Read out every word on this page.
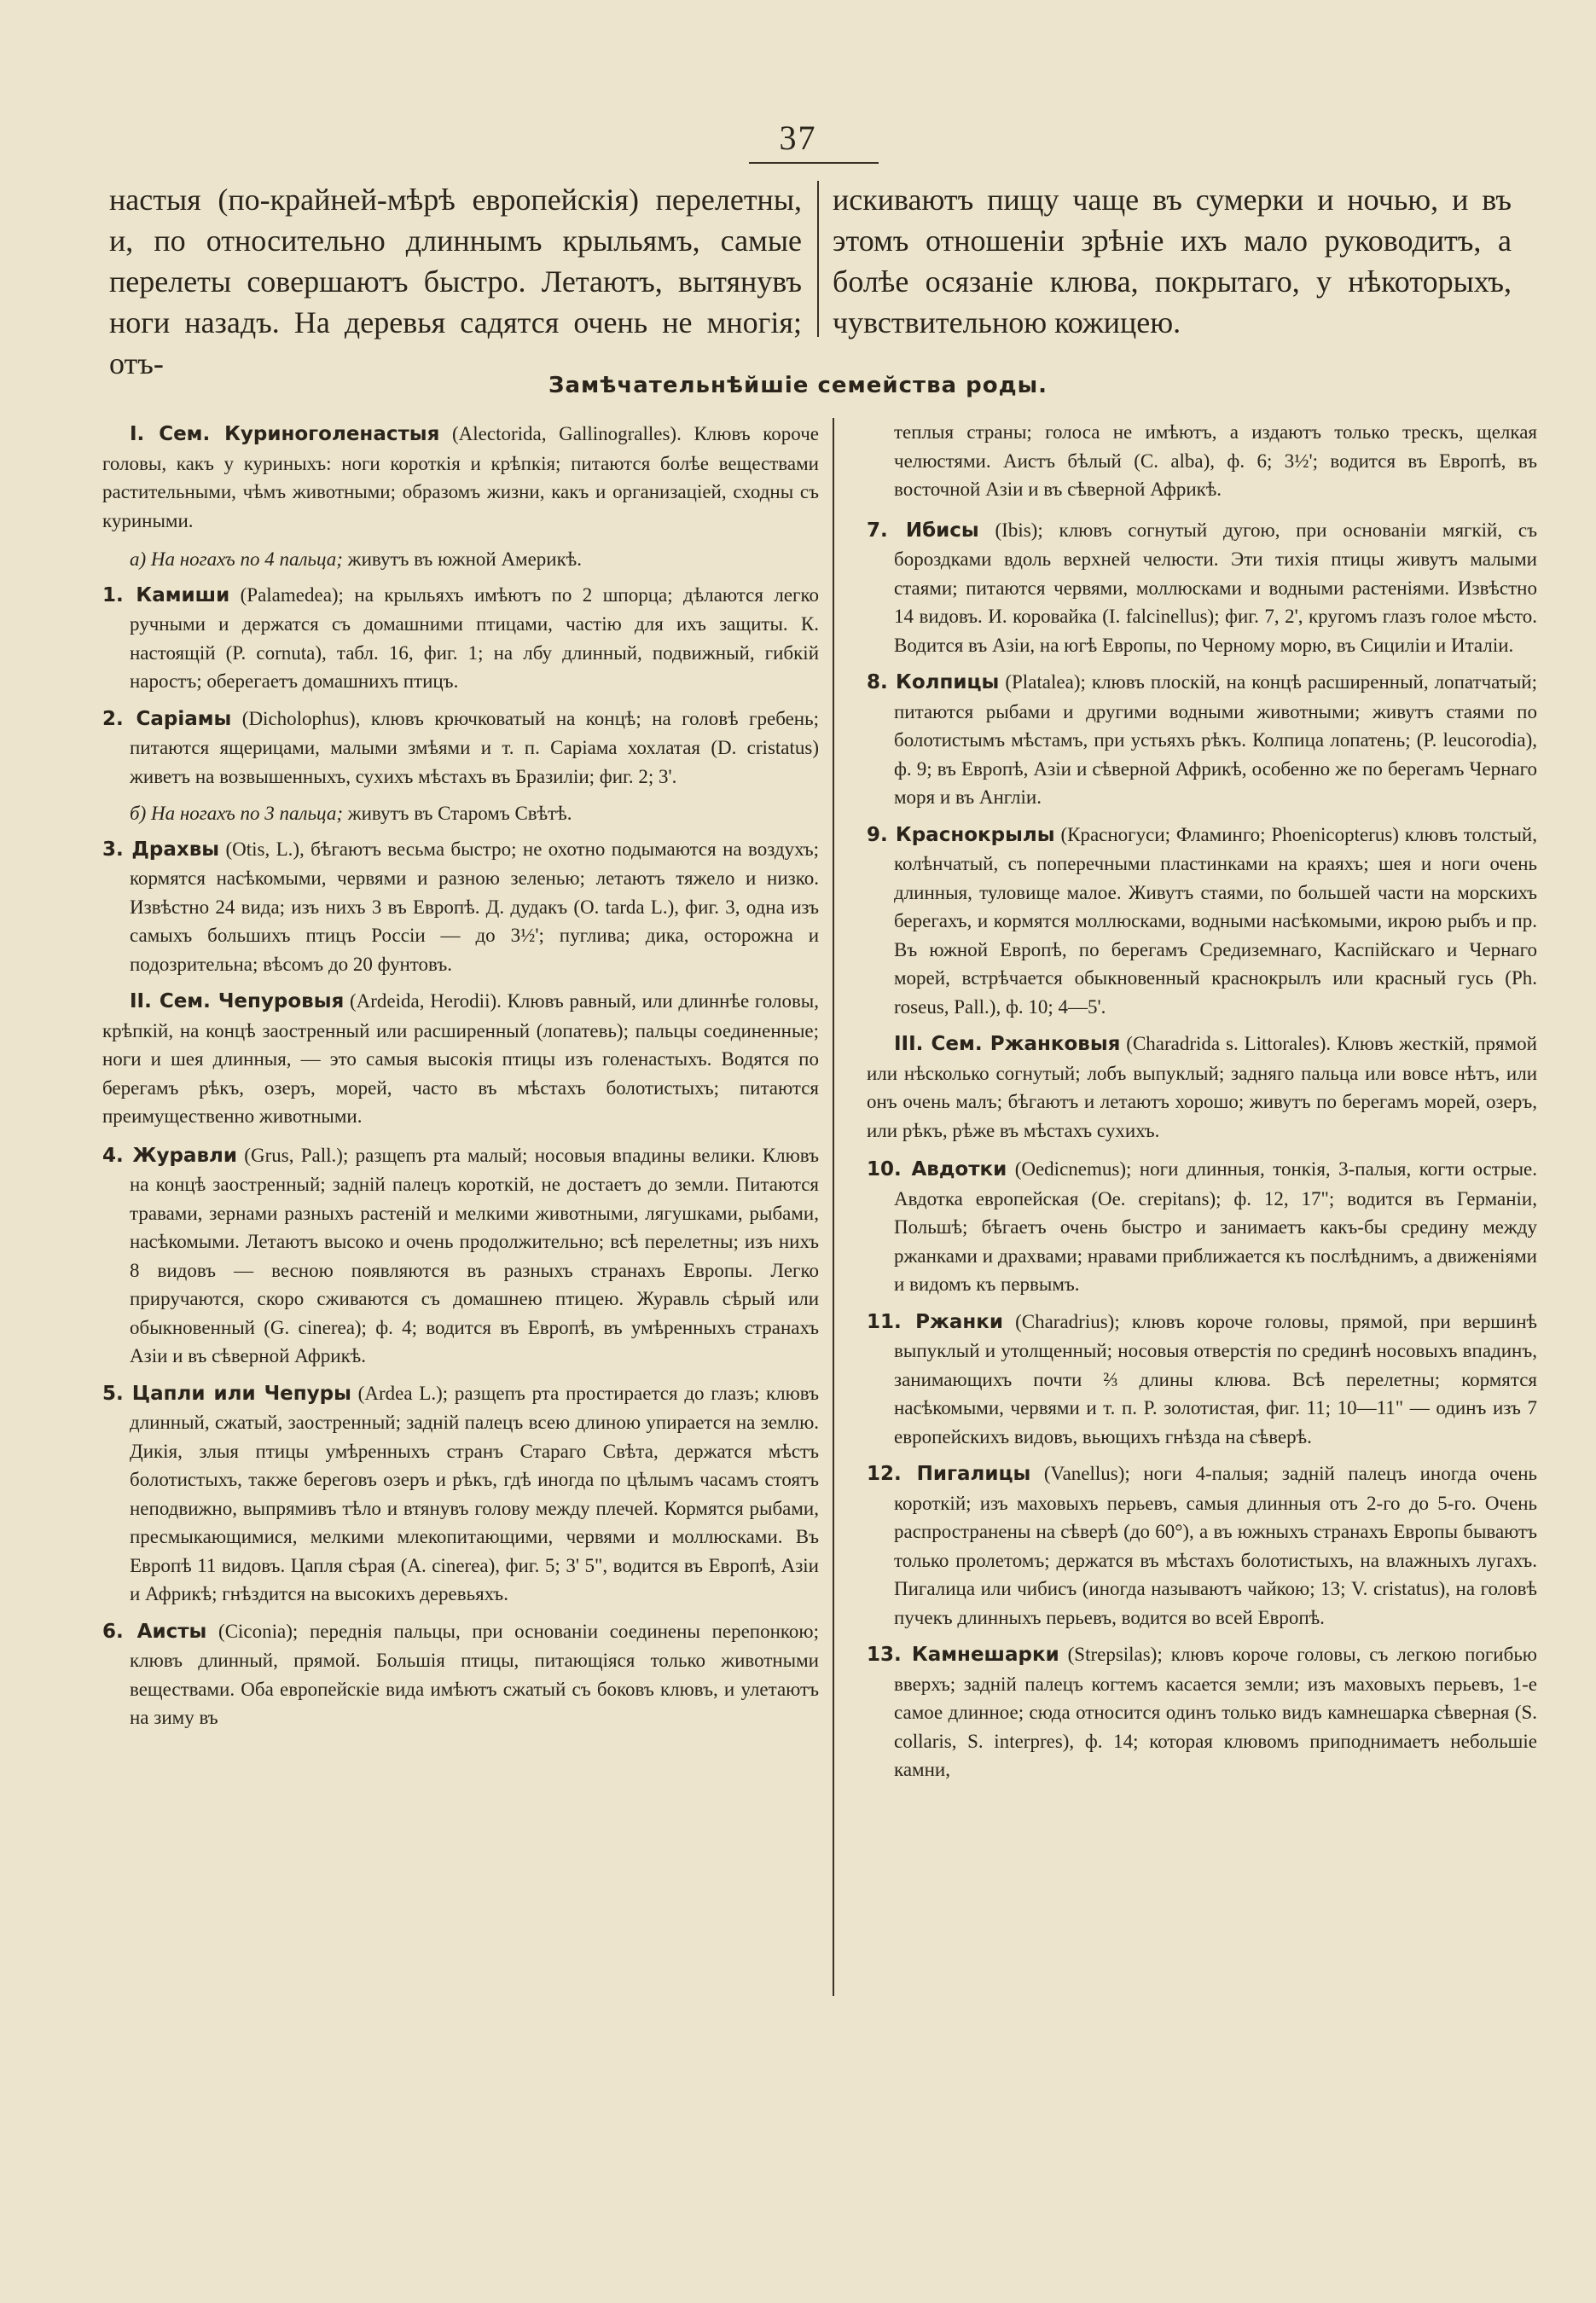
37
настыя (по-крайней-мѣрѣ европейскія) перелетны, и, по относительно длиннымъ крыльямъ, самые перелеты совершаютъ быстро. Летаютъ, вытянувъ ноги назадъ. На деревья садятся очень не многія; отъ-
искиваютъ пищу чаще въ сумерки и ночью, и въ этомъ отношеніи зрѣніе ихъ мало руководитъ, а болѣе осязаніе клюва, покрытаго, у нѣкоторыхъ, чувствительною кожицею.
Замѣчательнѣйшіе семейства роды.

I. Сем. Куриноголенастыя (Alectorida, Gallinogralles). Клювъ короче головы, какъ у куриныхъ: ноги короткія и крѣпкія; питаются болѣе веществами растительными, чѣмъ животными; образомъ жизни, какъ и организаціей, сходны съ куриными.

а) На ногахъ по 4 пальца; живутъ въ южной Америкѣ.

1. Камиши (Palamedea); на крыльяхъ имѣютъ по 2 шпорца; дѣлаются легко ручными и держатся съ домашними птицами, частію для ихъ защиты. К. настоящій (P. cornuta), табл. 16, фиг. 1; на лбу длинный, подвижный, гибкій наростъ; оберегаетъ домашнихъ птицъ.

2. Саріамы (Dicholophus), клювъ крючковатый на концѣ; на головѣ гребень; питаются ящерицами, малыми змѣями и т. п. Саріама хохлатая (D. cristatus) живетъ на возвышенныхъ, сухихъ мѣстахъ въ Бразиліи; фиг. 2; 3'.

б) На ногахъ по 3 пальца; живутъ въ Старомъ Свѣтѣ.

3. Драхвы (Otis, L.), бѣгаютъ весьма быстро; не охотно подымаются на воздухъ; кормятся насѣкомыми, червями и разною зеленью; летаютъ тяжело и низко. Извѣстно 24 вида; изъ нихъ 3 въ Европѣ. Д. дудакъ (O. tarda L.), фиг. 3, одна изъ самыхъ большихъ птицъ Россіи — до 3½'; пуглива; дика, осторожна и подозрительна; вѣсомъ до 20 фунтовъ.

II. Сем. Чепуровыя (Ardeida, Herodii). Клювъ равный, или длиннѣе головы, крѣпкій, на концѣ заостренный или расширенный (лопатевь); пальцы соединенные; ноги и шея длинныя, — это самыя высокія птицы изъ голенастыхъ. Водятся по берегамъ рѣкъ, озеръ, морей, часто въ мѣстахъ болотистыхъ; питаются преимущественно животными.

4. Журавли (Grus, Pall.); разщепъ рта малый; носовыя впадины велики. Клювъ на концѣ заостренный; задній палецъ короткій, не достаетъ до земли. Питаются травами, зернами разныхъ растеній и мелкими животными, лягушками, рыбами, насѣкомыми. Летаютъ высоко и очень продолжительно; всѣ перелетны; изъ нихъ 8 видовъ — весною появляются въ разныхъ странахъ Европы. Легко приручаются, скоро сживаются съ домашнею птицею. Журавль сѣрый или обыкновенный (G. cinerea); ф. 4; водится въ Европѣ, въ умѣренныхъ странахъ Азіи и въ сѣверной Африкѣ.

5. Цапли или Чепуры (Ardea L.); разщепъ рта простирается до глазъ; клювъ длинный, сжатый, заостренный; задній палецъ всею длиною упирается на землю. Дикія, злыя птицы умѣренныхъ странъ Стараго Свѣта, держатся мѣстъ болотистыхъ, также береговъ озеръ и рѣкъ, гдѣ иногда по цѣлымъ часамъ стоятъ неподвижно, выпрямивъ тѣло и втянувъ голову между плечей. Кормятся рыбами, пресмыкающимися, мелкими млекопитающими, червями и моллюсками. Въ Европѣ 11 видовъ. Цапля сѣрая (A. cinerea), фиг. 5; 3' 5", водится въ Европѣ, Азіи и Африкѣ; гнѣздится на высокихъ деревьяхъ.

6. Аисты (Ciconia); переднія пальцы, при основаніи соединены перепонкою; клювъ длинный, прямой. Большія птицы, питающіяся только животными веществами. Оба европейскіе вида имѣютъ сжатый съ боковъ клювъ, и улетаютъ на зиму въ

теплыя страны; голоса не имѣютъ, а издаютъ только трескъ, щелкая челюстями. Аистъ бѣлый (C. alba), ф. 6; 3½'; водится въ Европѣ, въ восточной Азіи и въ сѣверной Африкѣ.

7. Ибисы (Ibis); клювъ согнутый дугою, при основаніи мягкій, съ бороздками вдоль верхней челюсти. Эти тихія птицы живутъ малыми стаями; питаются червями, моллюсками и водными растеніями. Извѣстно 14 видовъ. И. коровайка (I. falcinellus); фиг. 7, 2', кругомъ глазъ голое мѣсто. Водится въ Азіи, на югѣ Европы, по Черному морю, въ Сициліи и Италіи.

8. Колпицы (Platalea); клювъ плоскій, на концѣ расширенный, лопатчатый; питаются рыбами и другими водными животными; живутъ стаями по болотистымъ мѣстамъ, при устьяхъ рѣкъ. Колпица лопатень; (P. leucorodia), ф. 9; въ Европѣ, Азіи и сѣверной Африкѣ, особенно же по берегамъ Чернаго моря и въ Англіи.

9. Краснокрылы (Красногуси; Фламинго; Phoenicopterus) клювъ толстый, колѣнчатый, съ поперечными пластинками на краяхъ; шея и ноги очень длинныя, туловище малое. Живутъ стаями, по большей части на морскихъ берегахъ, и кормятся моллюсками, водными насѣкомыми, икрою рыбъ и пр. Въ южной Европѣ, по берегамъ Средиземнаго, Каспійскаго и Чернаго морей, встрѣчается обыкновенный краснокрылъ или красный гусь (Ph. roseus, Pall.), ф. 10; 4—5'.

III. Сем. Ржанковыя (Charadrida s. Littorales). Клювъ жесткій, прямой или нѣсколько согнутый; лобъ выпуклый; задняго пальца или вовсе нѣтъ, или онъ очень малъ; бѣгаютъ и летаютъ хорошо; живутъ по берегамъ морей, озеръ, или рѣкъ, рѣже въ мѣстахъ сухихъ.

10. Авдотки (Oedicnemus); ноги длинныя, тонкія, 3-палыя, когти острые. Авдотка европейская (Oe. crepitans); ф. 12, 17"; водится въ Германіи, Польшѣ; бѣгаетъ очень быстро и занимаетъ какъ-бы средину между ржанками и драхвами; нравами приближается къ послѣднимъ, а движеніями и видомъ къ первымъ.

11. Ржанки (Charadrius); клювъ короче головы, прямой, при вершинѣ выпуклый и утолщенный; носовыя отверстія по срединѣ носовыхъ впадинъ, занимающихъ почти ⅔ длины клюва. Всѣ перелетны; кормятся насѣкомыми, червями и т. п. P. золотистая, фиг. 11; 10—11" — одинъ изъ 7 европейскихъ видовъ, вьющихъ гнѣзда на сѣверѣ.

12. Пигалицы (Vanellus); ноги 4-палыя; задній палецъ иногда очень короткій; изъ маховыхъ перьевъ, самыя длинныя отъ 2-го до 5-го. Очень распространены на сѣверѣ (до 60°), а въ южныхъ странахъ Европы бываютъ только пролетомъ; держатся въ мѣстахъ болотистыхъ, на влажныхъ лугахъ. Пигалица или чибисъ (иногда называютъ чайкою; 13; V. cristatus), на головѣ пучекъ длинныхъ перьевъ, водится во всей Европѣ.

13. Камнешарки (Strepsilas); клювъ короче головы, съ легкою погибью вверхъ; задній палецъ когтемъ касается земли; изъ маховыхъ перьевъ, 1-е самое длинное; сюда относится одинъ только видъ камнешарка сѣверная (S. collaris, S. interpres), ф. 14; которая клювомъ приподнимаетъ небольшіе камни,
